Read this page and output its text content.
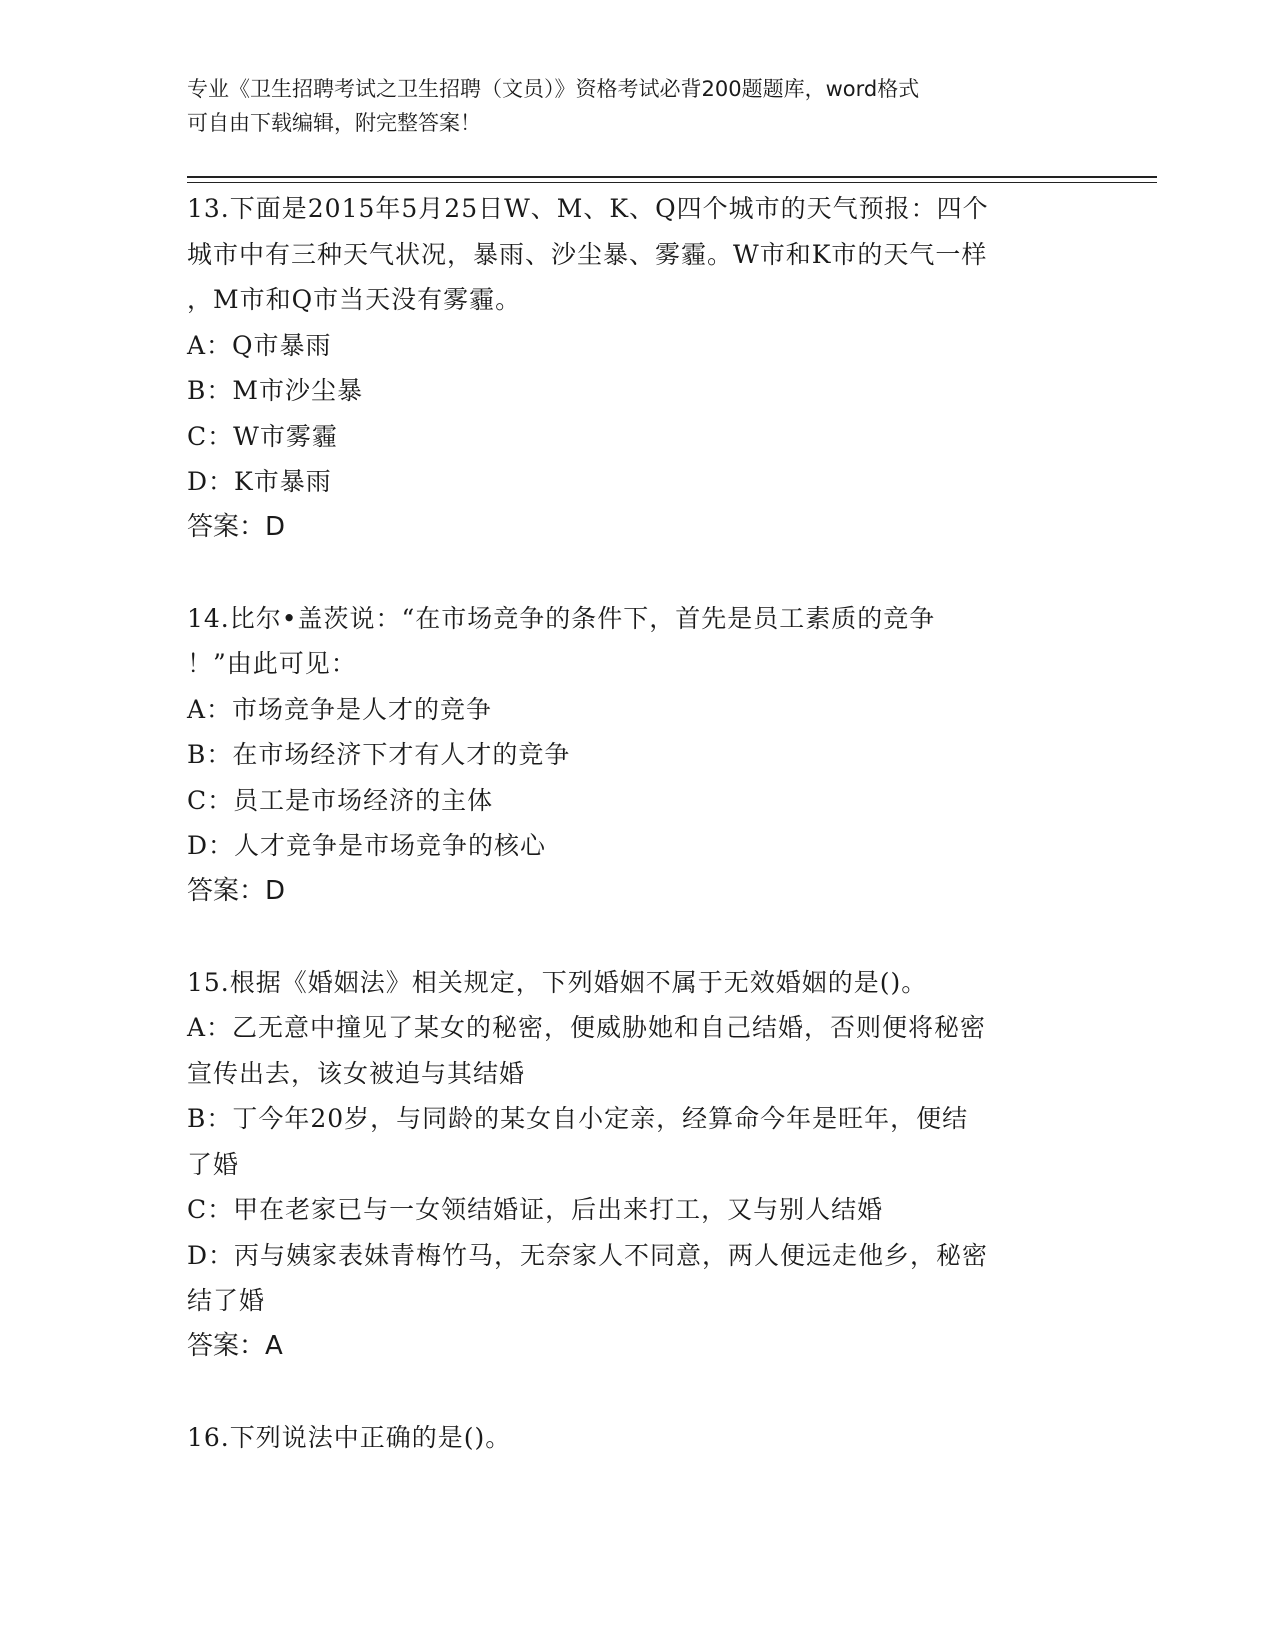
专业《卫生招聘考试之卫生招聘（文员）》资格考试必背200题题库，word格式
可自由下载编辑，附完整答案！
13.下面是2015年5月25日W、M、K、Q四个城市的天气预报：四个
城市中有三种天气状况，暴雨、沙尘暴、雾霾。W市和K市的天气一样
，M市和Q市当天没有雾霾。
A：Q市暴雨
B：M市沙尘暴
C：W市雾霾
D：K市暴雨
答案：D
14.比尔•盖茨说：“在市场竞争的条件下，首先是员工素质的竞争
！”由此可见：
A：市场竞争是人才的竞争
B：在市场经济下才有人才的竞争
C：员工是市场经济的主体
D：人才竞争是市场竞争的核心
答案：D
15.根据《婚姻法》相关规定，下列婚姻不属于无效婚姻的是()。
A：乙无意中撞见了某女的秘密，便威胁她和自己结婚，否则便将秘密
宣传出去，该女被迫与其结婚
B：丁今年20岁，与同龄的某女自小定亲，经算命今年是旺年，便结
了婚
C：甲在老家已与一女领结婚证，后出来打工，又与别人结婚
D：丙与姨家表妹青梅竹马，无奈家人不同意，两人便远走他乡，秘密
结了婚
答案：A
16.下列说法中正确的是()。
